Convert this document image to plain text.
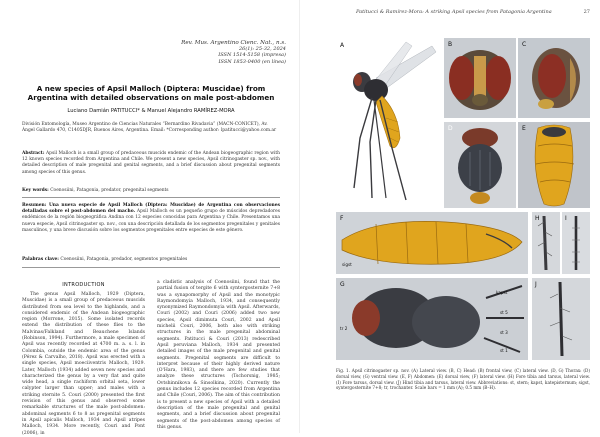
Rev. Mus. Argentino Cienc. Nat., n.s.
26(1): 25-32, 2024
ISSN 1514-5158 (impresa)
ISSN 1853-0400 (en línea)
A new species of Apsil Malloch (Diptera: Muscidae) from Argentina with detailed observations on male post-abdomen
Luciano Damián PATITUCCI* & Manuel Alejandro RAMÍREZ-MORA
División Entomología, Museo Argentino de Ciencias Naturales “Bernardino Rivadavia” (MACN-CONICET), Av. Ángel Gallardo 470, C1405DJR, Buenos Aires, Argentina. Email: *Corresponding author: lpatitucci@yahoo.com.ar
Abstract: Apsil Malloch is a small group of predaceous muscids endemic of the Andean biogeographic region with 12 known species recorded from Argentina and Chile. We present a new species, Apsil citrinogaster sp. nov., with detailed description of male pregenital and genital segments, and a brief discussion about pregenital segments among species of this genus.
Key words: Coenosiini, Patagonia, predator, pregenital segments
Resumen: Una nueva especie de Apsil Malloch (Diptera: Muscidae) de Argentina con observaciones detalladas sobre el post-abdomen del macho. Apsil Malloch es un pequeño grupo de múscidos depredadores endémicos de la región biogeográfica Andina con 12 especies conocidas para Argentina y Chile. Presentamos una nueva especie, Apsil citrinogaster sp. nov., con una descripción detallada de los segmentos pregenitales y genitales masculinos, y una breve discusión sobre los segmentos pregenitales entre especies de este género.
Palabras clave: Coenosiini, Patagonia, predador, segmentos pregenitales
INTRODUCTION
The genus Apsil Malloch, 1929 (Diptera, Muscidae) is a small group of predaceous muscids distributed from sea level to the highlands, and a considered endemic of the Andean biogeographic region (Morrone, 2015). Some isolated records extend the distribution of these flies to the Malvinas/Falkland and Beauchene Islands (Robinson, 1994). Furthermore, a male specimen of Apsil was recently recorded at 4700 m. a. s. l. in Colombia, outside the endemic area of the genus (Pérez & Carvalho, 2018). Apsil was erected with a single species, Apsil moeciiventris Malloch, 1929. Later, Malloch (1934) added seven new species and characterized the genus by a very flat and quite wide head, a single rachiform orbital seta, lower calypter larger than upper; and males with a striking sternite 5. Couri (2000) presented the first revision of this genus and observed some remarkable structures of the male post-abdomen: abdominal segments 6 to 8 as pregenital segments in Apsil apicalis Malloch, 1934 and Apsil atripes Malloch, 1934. More recently, Couri and Pont (2006), in
a cladistic analysis of Coenosiini, found that the partial fusion of tergite 6 with syntergosternite 7+8 was a synapomorphy of Apsil and the monotypic Raymondomyia Malloch, 1934, and consequently synonymized Raymondomyia with Apsil. Afterwards, Couri (2002) and Couri (2006) added two new species, Apsil dimimuta Couri, 2002 and Apsil michelii Couri, 2006, both also with striking structures in the male pregenital abdominal segments. Patitucci & Couri (2013) redescribed Apsil peruviana Malloch, 1934 and presented detailed images of the male pregenital and genital segments. Pregenital segments are difficult to interpret because of their highly derived nature (O'Hara, 1983), and there are few studies that analyze these structures (Tschorsnig, 1985; Ovtshinnikova & Sinsolkina, 2020). Currently the genus includes 12 species recorded from Argentina and Chile (Couri, 2006). The aim of this contribution is to present a new species of Apsil with a detailed description of the male pregenital and genital segments, and a brief discussion about pregenital segments of the post-abdomen among species of this genus.
Patitucci & Ramírez-Mora: A striking Apsil species from Patagonia Argentina	27
A	B	C
D	E
F
sigst
H	I
G
kapst
st 5
tr 2
st 3
st 1
J
Fig. 1. Apsil citrinogaster sp. nov. (A) Lateral view. (B, C) Head: (B) frontal view, (C) lateral view. (D, G) Thorax: (D) dorsal view, (G) ventral view. (E, F) Abdomen: (E) dorsal view, (F) lateral view. (H) Fore tibia and tarsus, lateral view. (I) Fore tarsus, dorsal view. (J) Hind tibia and tarsus, lateral view. Abbreviations: st, stern; kapst, katepisternum; sigst, syntergosternite 7+8; tr, trochanter. Scale bars = 1 mm (A); 0.5 mm (B–H).
